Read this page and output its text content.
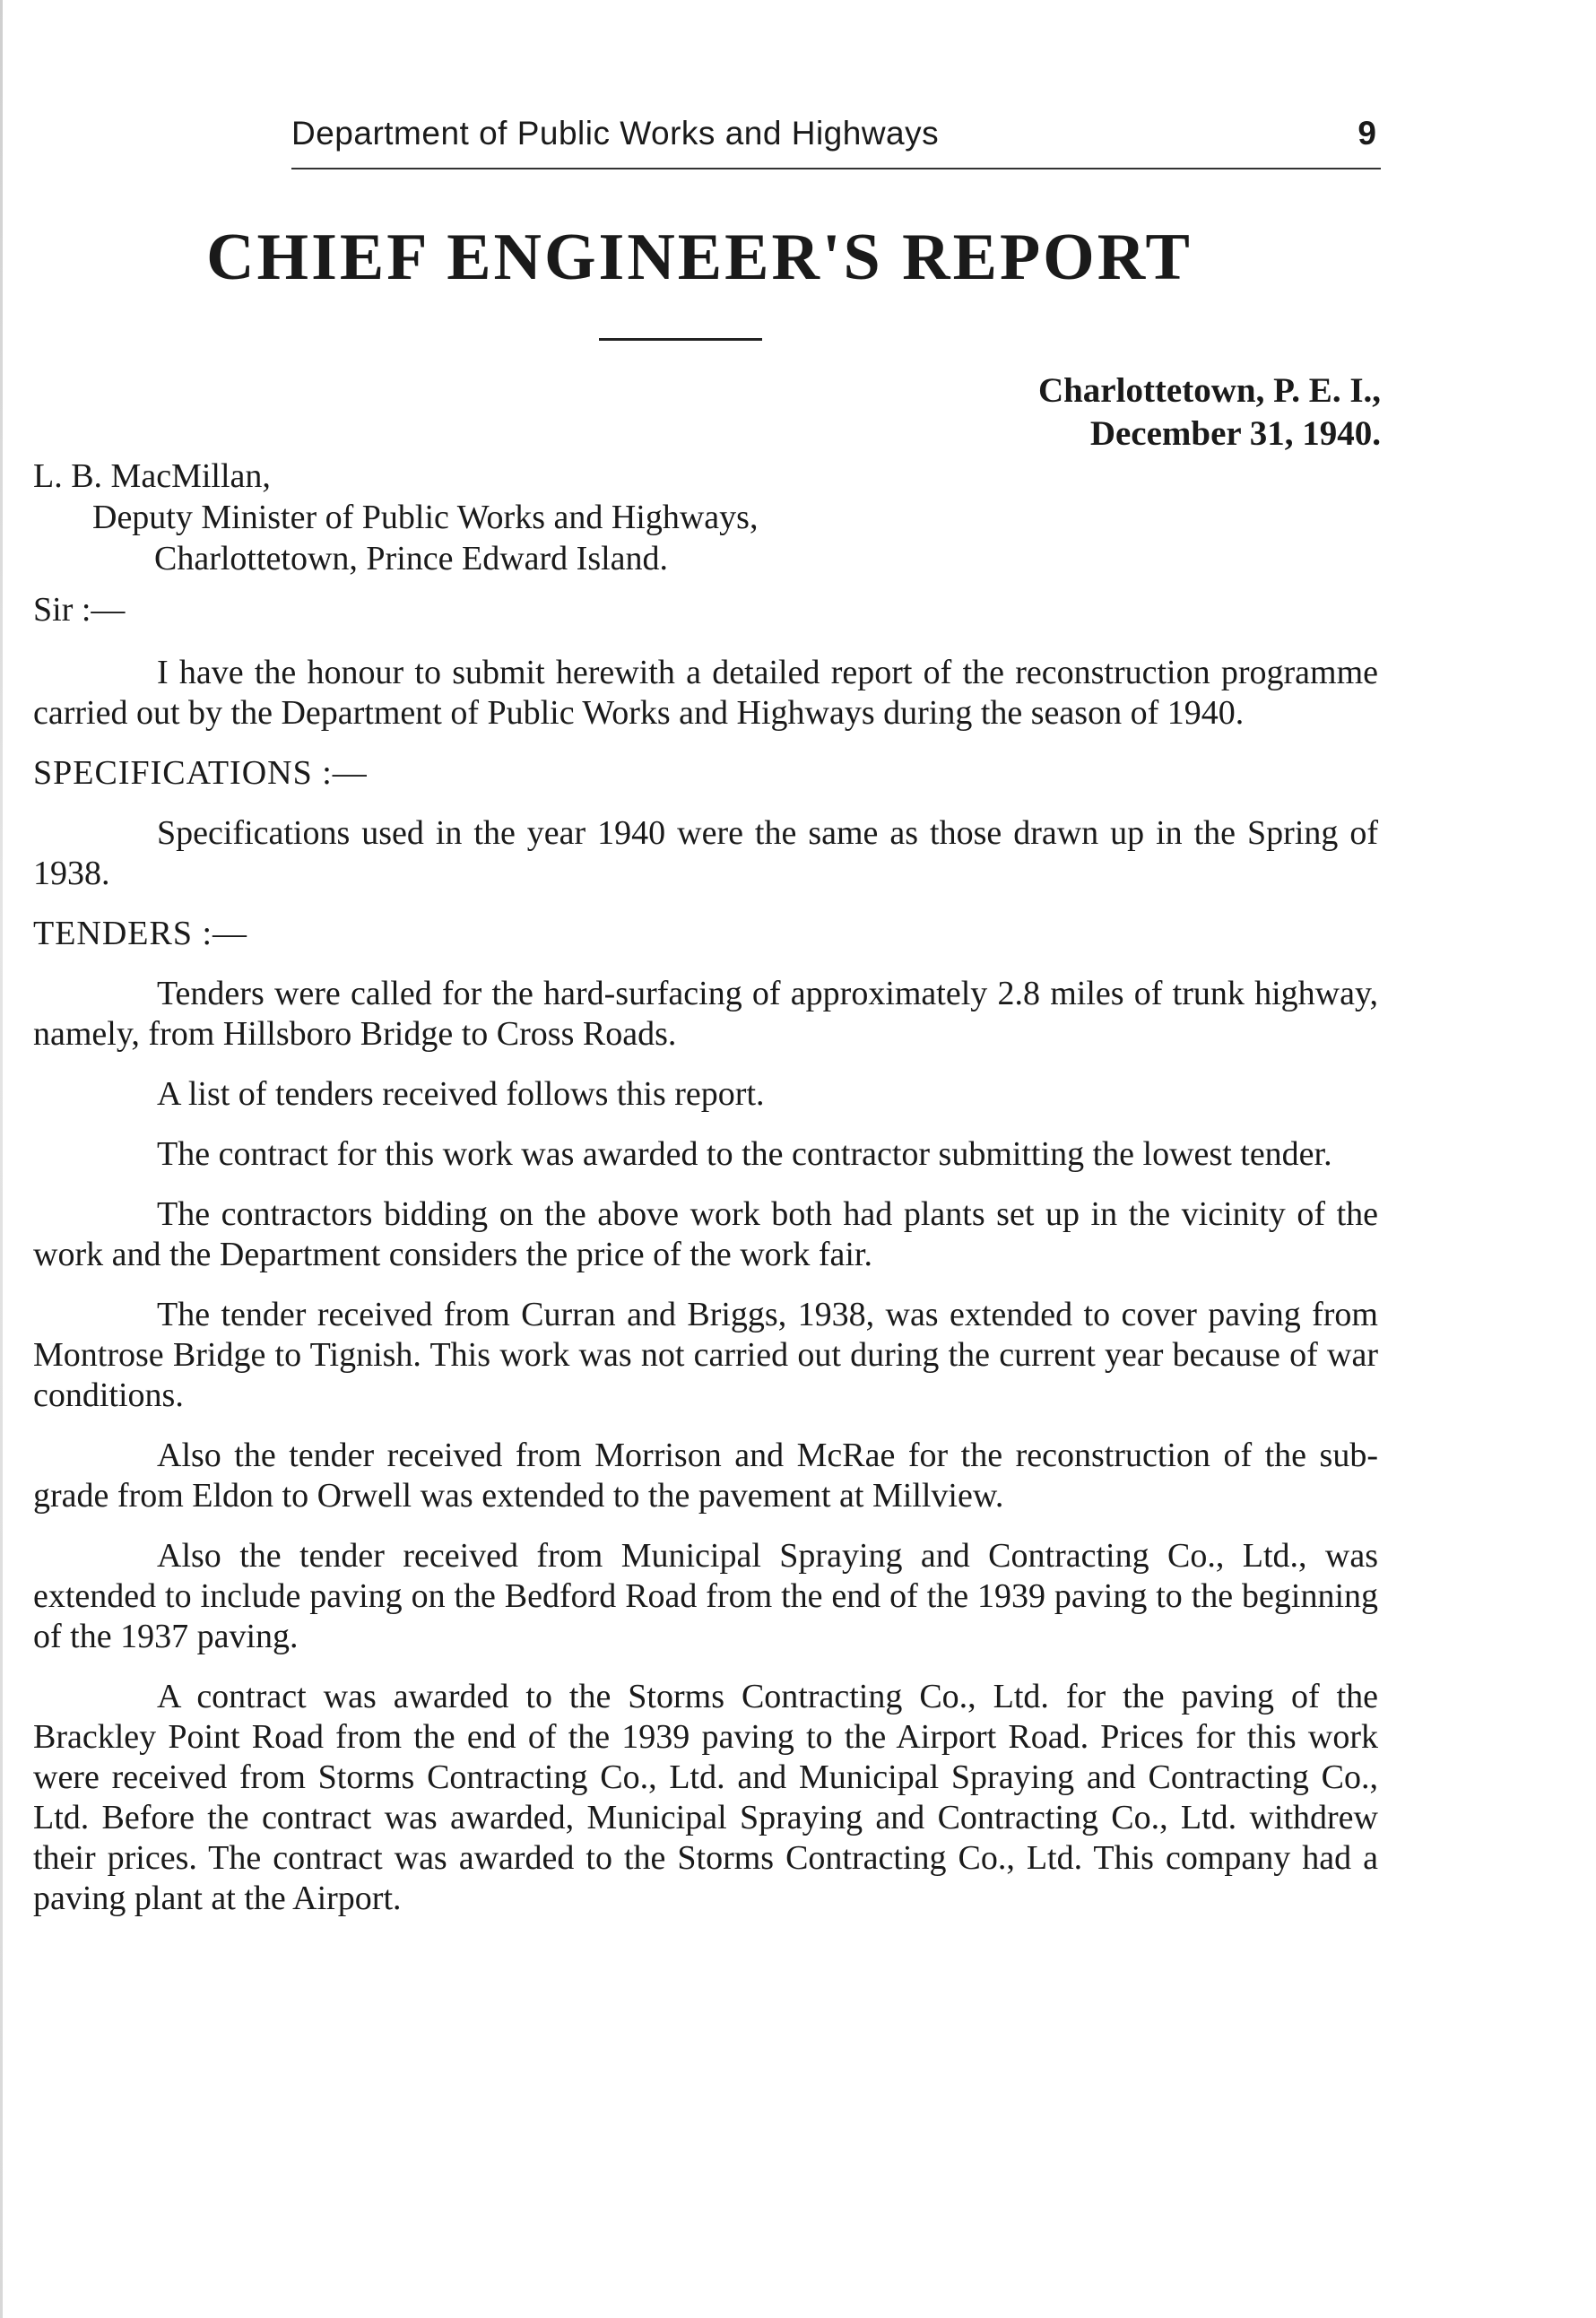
Department of Public Works and Highways	9
CHIEF ENGINEER'S REPORT
Charlottetown, P. E. I.,
December 31, 1940.
L. B. MacMillan,
Deputy Minister of Public Works and Highways,
Charlottetown, Prince Edward Island.
Sir :—

I have the honour to submit herewith a detailed report of the reconstruction programme carried out by the Department of Public Works and Highways during the season of 1940.

SPECIFICATIONS :—

Specifications used in the year 1940 were the same as those drawn up in the Spring of 1938.

TENDERS :—

Tenders were called for the hard-surfacing of approximately 2.8 miles of trunk highway, namely, from Hillsboro Bridge to Cross Roads.

A list of tenders received follows this report.

The contract for this work was awarded to the contractor submitting the lowest tender.

The contractors bidding on the above work both had plants set up in the vicinity of the work and the Department considers the price of the work fair.

The tender received from Curran and Briggs, 1938, was extended to cover paving from Montrose Bridge to Tignish. This work was not carried out during the current year because of war conditions.

Also the tender received from Morrison and McRae for the reconstruction of the sub-grade from Eldon to Orwell was extended to the pavement at Millview.

Also the tender received from Municipal Spraying and Contracting Co., Ltd., was extended to include paving on the Bedford Road from the end of the 1939 paving to the beginning of the 1937 paving.

A contract was awarded to the Storms Contracting Co., Ltd. for the paving of the Brackley Point Road from the end of the 1939 paving to the Airport Road. Prices for this work were received from Storms Contracting Co., Ltd. and Municipal Spraying and Contracting Co., Ltd. Before the contract was awarded, Municipal Spraying and Contracting Co., Ltd. withdrew their prices. The contract was awarded to the Storms Contracting Co., Ltd. This company had a paving plant at the Airport.
